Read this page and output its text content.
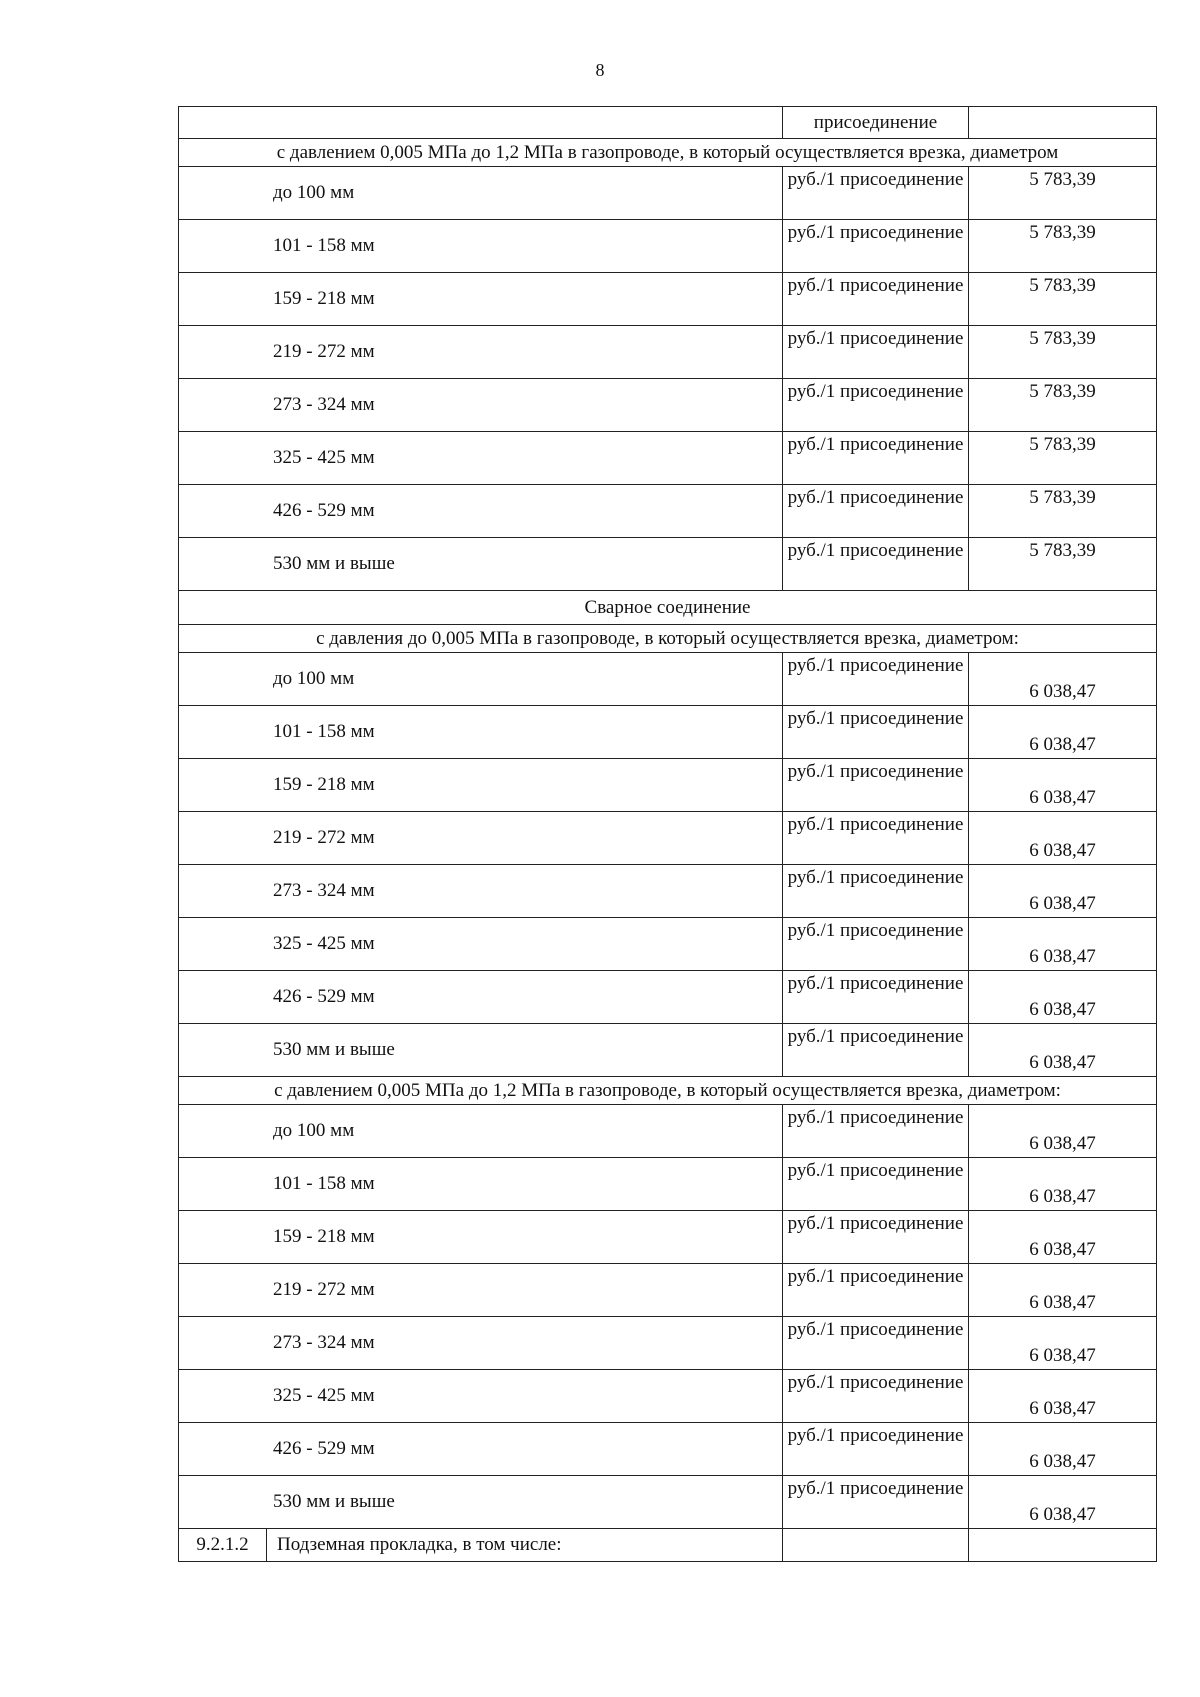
8
		присоединение	
с давлением 0,005 МПа до 1,2 МПа в газопроводе, в который осуществляется врезка, диаметром			
до 100 мм		руб./1 присоединение	5 783,39
101 - 158 мм		руб./1 присоединение	5 783,39
159 - 218 мм		руб./1 присоединение	5 783,39
219 - 272 мм		руб./1 присоединение	5 783,39
273 - 324 мм		руб./1 присоединение	5 783,39
325 - 425 мм		руб./1 присоединение	5 783,39
426 - 529 мм		руб./1 присоединение	5 783,39
530 мм и выше		руб./1 присоединение	5 783,39
Сварное соединение			
с давления до 0,005 МПа в газопроводе, в который осуществляется врезка, диаметром:			
до 100 мм		руб./1 присоединение	6 038,47
101 - 158 мм		руб./1 присоединение	6 038,47
159 - 218 мм		руб./1 присоединение	6 038,47
219 - 272 мм		руб./1 присоединение	6 038,47
273 - 324 мм		руб./1 присоединение	6 038,47
325 - 425 мм		руб./1 присоединение	6 038,47
426 - 529 мм		руб./1 присоединение	6 038,47
530 мм и выше		руб./1 присоединение	6 038,47
с давлением 0,005 МПа до 1,2 МПа в газопроводе, в который осуществляется врезка, диаметром:			
до 100 мм		руб./1 присоединение	6 038,47
101 - 158 мм		руб./1 присоединение	6 038,47
159 - 218 мм		руб./1 присоединение	6 038,47
219 - 272 мм		руб./1 присоединение	6 038,47
273 - 324 мм		руб./1 присоединение	6 038,47
325 - 425 мм		руб./1 присоединение	6 038,47
426 - 529 мм		руб./1 присоединение	6 038,47
530 мм и выше		руб./1 присоединение	6 038,47
9.2.1.2	Подземная прокладка, в том числе:		
